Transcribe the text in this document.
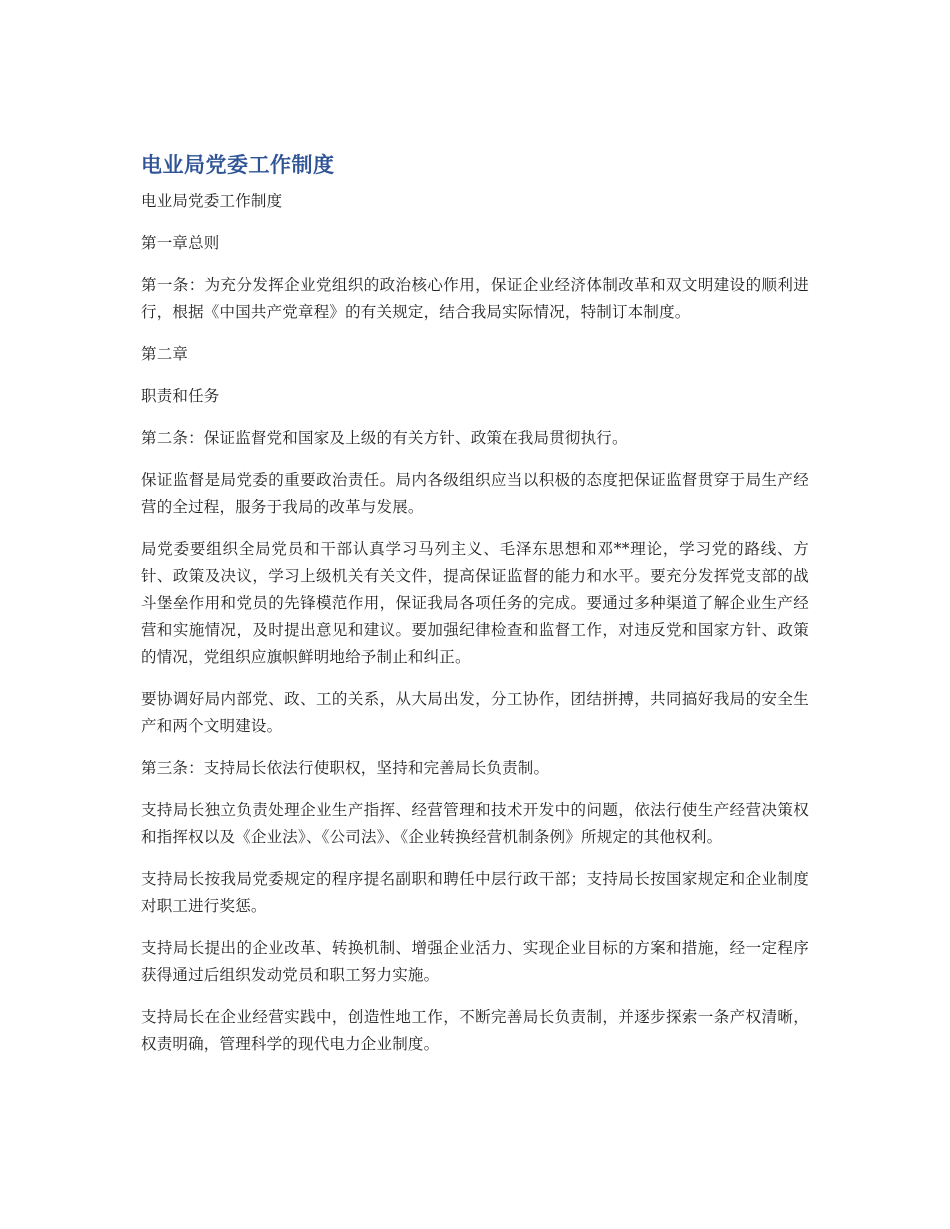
电业局党委工作制度

电业局党委工作制度

第一章总则

第一条：为充分发挥企业党组织的政治核心作用，保证企业经济体制改革和双文明建设的顺利进行，根据《中国共产党章程》的有关规定，结合我局实际情况，特制订本制度。

第二章

职责和任务

第二条：保证监督党和国家及上级的有关方针、政策在我局贯彻执行。

保证监督是局党委的重要政治责任。局内各级组织应当以积极的态度把保证监督贯穿于局生产经营的全过程，服务于我局的改革与发展。

局党委要组织全局党员和干部认真学习马列主义、毛泽东思想和邓**理论，学习党的路线、方针、政策及决议，学习上级机关有关文件，提高保证监督的能力和水平。要充分发挥党支部的战斗堡垒作用和党员的先锋模范作用，保证我局各项任务的完成。要通过多种渠道了解企业生产经营和实施情况，及时提出意见和建议。要加强纪律检查和监督工作，对违反党和国家方针、政策的情况，党组织应旗帜鲜明地给予制止和纠正。

要协调好局内部党、政、工的关系，从大局出发，分工协作，团结拼搏，共同搞好我局的安全生产和两个文明建设。

第三条：支持局长依法行使职权，坚持和完善局长负责制。

支持局长独立负责处理企业生产指挥、经营管理和技术开发中的问题，依法行使生产经营决策权和指挥权以及《企业法》、《公司法》、《企业转换经营机制条例》所规定的其他权利。

支持局长按我局党委规定的程序提名副职和聘任中层行政干部；支持局长按国家规定和企业制度对职工进行奖惩。

支持局长提出的企业改革、转换机制、增强企业活力、实现企业目标的方案和措施，经一定程序获得通过后组织发动党员和职工努力实施。

支持局长在企业经营实践中，创造性地工作，不断完善局长负责制，并逐步探索一条产权清晰，权责明确，管理科学的现代电力企业制度。
